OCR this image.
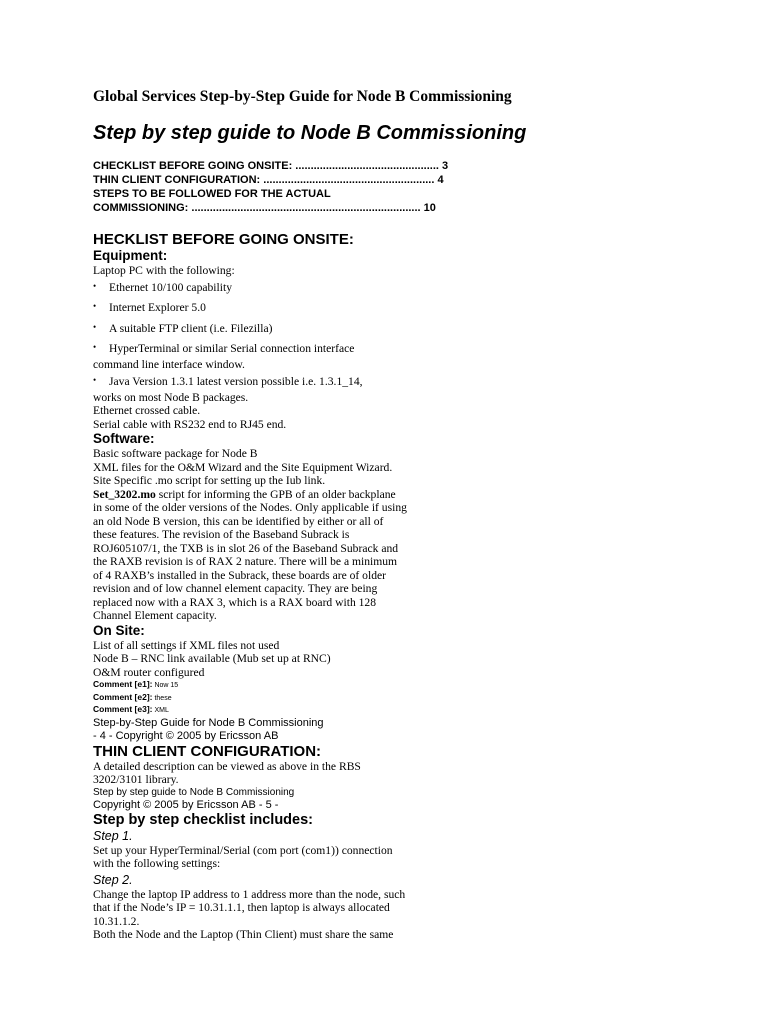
Global Services Step-by-Step Guide for Node B Commissioning
Step by step guide to Node B Commissioning
CHECKLIST BEFORE GOING ONSITE: ............................................... 3
THIN CLIENT CONFIGURATION: ........................................................ 4
STEPS TO BE FOLLOWED FOR THE ACTUAL
COMMISSIONING: ........................................................................... 10
HECKLIST BEFORE GOING ONSITE:
Equipment:
Laptop PC with the following:
• Ethernet 10/100 capability
• Internet Explorer 5.0
• A suitable FTP client (i.e. Filezilla)
• HyperTerminal or similar Serial connection interface
command line interface window.
• Java Version 1.3.1 latest version possible i.e. 1.3.1_14,
works on most Node B packages.
Ethernet crossed cable.
Serial cable with RS232 end to RJ45 end.
Software:
Basic software package for Node B
XML files for the O&M Wizard and the Site Equipment Wizard.
Site Specific .mo script for setting up the Iub link.
Set_3202.mo script for informing the GPB of an older backplane
in some of the older versions of the Nodes. Only applicable if using
an old Node B version, this can be identified by either or all of
these features. The revision of the Baseband Subrack is
ROJ605107/1, the TXB is in slot 26 of the Baseband Subrack and
the RAXB revision is of RAX 2 nature. There will be a minimum
of 4 RAXB’s installed in the Subrack, these boards are of older
revision and of low channel element capacity. They are being
replaced now with a RAX 3, which is a RAX board with 128
Channel Element capacity.
On Site:
List of all settings if XML files not used
Node B – RNC link available (Mub set up at RNC)
O&M router configured
Comment [e1]: Now 15
Comment [e2]: these
Comment [e3]: XML
Step-by-Step Guide for Node B Commissioning
- 4 - Copyright © 2005 by Ericsson AB
THIN CLIENT CONFIGURATION:
A detailed description can be viewed as above in the RBS
3202/3101 library.
Step by step guide to Node B Commissioning
Copyright © 2005 by Ericsson AB - 5 -
Step by step checklist includes:
Step 1.
Set up your HyperTerminal/Serial (com port (com1)) connection
with the following settings:
Step 2.
Change the laptop IP address to 1 address more than the node, such
that if the Node’s IP = 10.31.1.1, then laptop is always allocated
10.31.1.2.
Both the Node and the Laptop (Thin Client) must share the same
